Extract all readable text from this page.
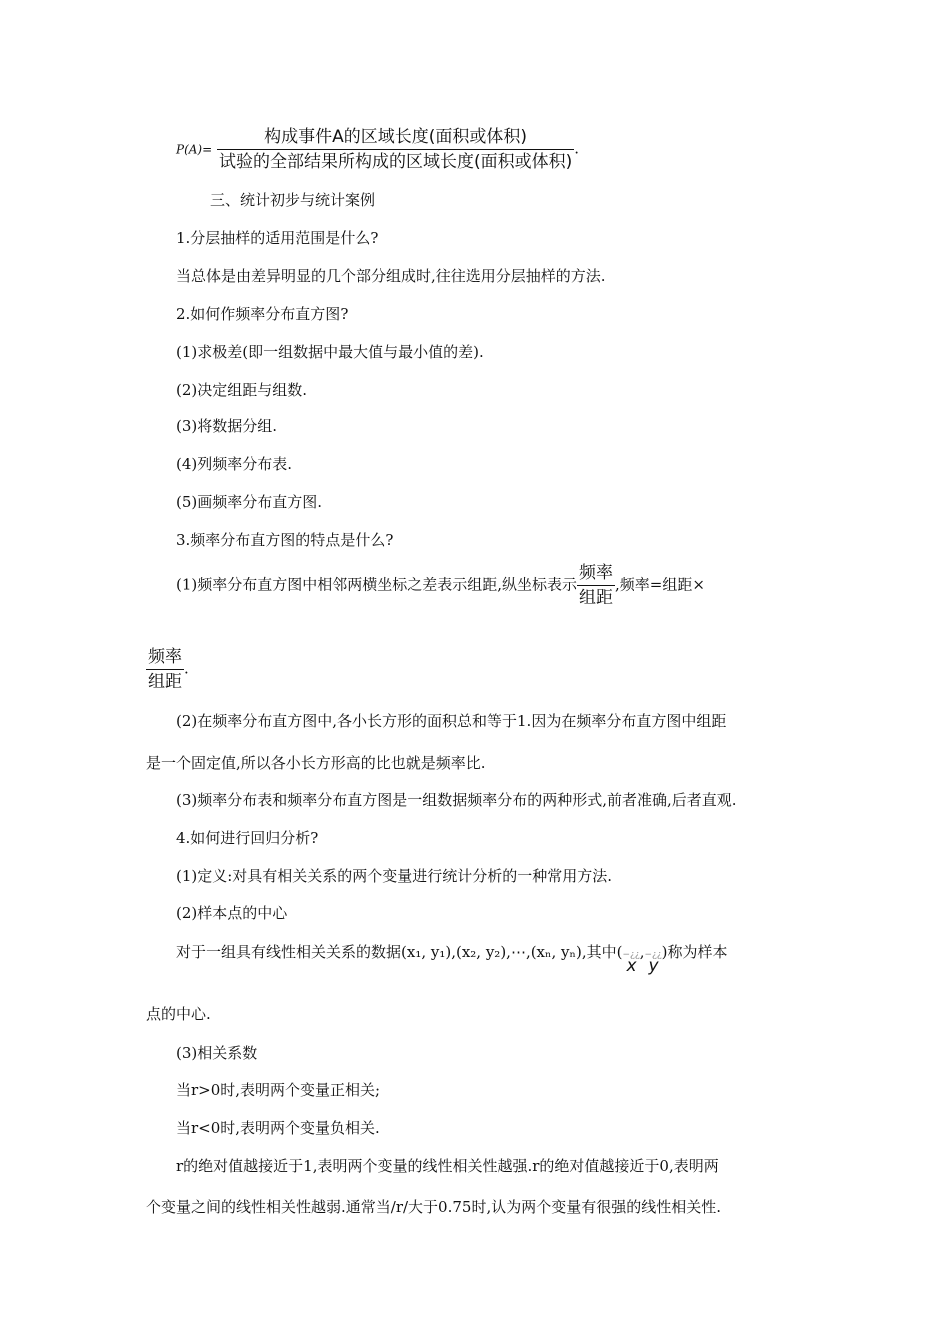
$P(A)= \frac{\text{构成事件A的区域长度(面积或体积)}}{\text{试验的全部结果所构成的区域长度(面积或体积)}}$ .
三、统计初步与统计案例
1.分层抽样的适用范围是什么?
当总体是由差异明显的几个部分组成时,往往选用分层抽样的方法.
2.如何作频率分布直方图?
(1)求极差(即一组数据中最大值与最小值的差).
(2)决定组距与组数.
(3)将数据分组.
(4)列频率分布表.
(5)画频率分布直方图.
3.频率分布直方图的特点是什么?
(1)频率分布直方图中相邻两横坐标之差表示组距,纵坐标表示 $\frac{\text{频率}}{\text{组距}}$ ,频率=组距×
$\frac{\text{频率}}{\text{组距}}$ .
(2)在频率分布直方图中,各小长方形的面积总和等于1.因为在频率分布直方图中组距
是一个固定值,所以各小长方形高的比也就是频率比.
(3)频率分布表和频率分布直方图是一组数据频率分布的两种形式,前者准确,后者直观.
4.如何进行回归分析?
(1)定义:对具有相关关系的两个变量进行统计分析的一种常用方法.
(2)样本点的中心
对于一组具有线性相关关系的数据(x₁, y₁),(x₂, y₂),⋯,(xₙ, yₙ),其中(−¿¿
x
,−¿¿
y
)称为样本
点的中心.
(3)相关系数
当r>0时,表明两个变量正相关;
当r<0时,表明两个变量负相关.
r的绝对值越接近于1,表明两个变量的线性相关性越强.r的绝对值越接近于0,表明两
个变量之间的线性相关性越弱.通常当/r/大于0.75时,认为两个变量有很强的线性相关性.
